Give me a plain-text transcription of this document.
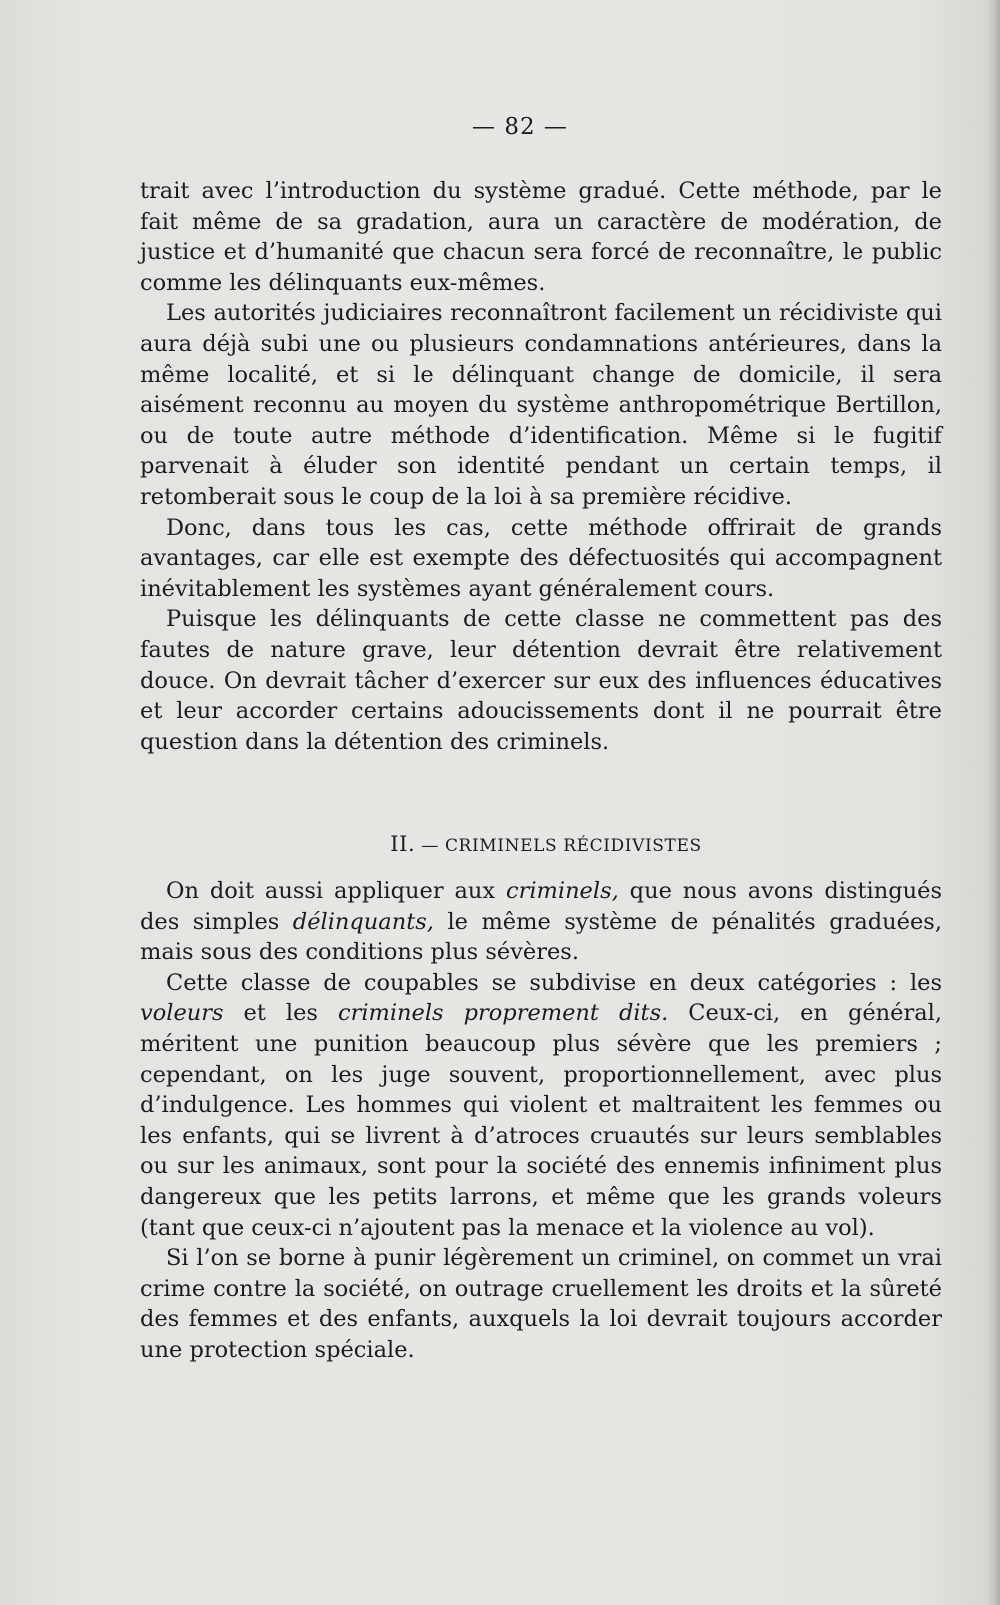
— 82 —

trait avec l’introduction du système gradué. Cette méthode, par le fait même de sa gradation, aura un caractère de modération, de justice et d’humanité que chacun sera forcé de reconnaître, le public comme les délinquants eux-mêmes.

Les autorités judiciaires reconnaîtront facilement un récidiviste qui aura déjà subi une ou plusieurs condamnations antérieures, dans la même localité, et si le délinquant change de domicile, il sera aisément reconnu au moyen du système anthropométrique Bertillon, ou de toute autre méthode d’identification. Même si le fugitif parvenait à éluder son identité pendant un certain temps, il retomberait sous le coup de la loi à sa première récidive.

Donc, dans tous les cas, cette méthode offrirait de grands avantages, car elle est exempte des défectuosités qui accompagnent inévitablement les systèmes ayant généralement cours.

Puisque les délinquants de cette classe ne commettent pas des fautes de nature grave, leur détention devrait être relativement douce. On devrait tâcher d’exercer sur eux des influences éducatives et leur accorder certains adoucissements dont il ne pourrait être question dans la détention des criminels.

II. — CRIMINELS RÉCIDIVISTES

On doit aussi appliquer aux criminels, que nous avons distingués des simples délinquants, le même système de pénalités graduées, mais sous des conditions plus sévères.

Cette classe de coupables se subdivise en deux catégories : les voleurs et les criminels proprement dits. Ceux-ci, en général, méritent une punition beaucoup plus sévère que les premiers ; cependant, on les juge souvent, proportionnellement, avec plus d’indulgence. Les hommes qui violent et maltraitent les femmes ou les enfants, qui se livrent à d’atroces cruautés sur leurs semblables ou sur les animaux, sont pour la société des ennemis infiniment plus dangereux que les petits larrons, et même que les grands voleurs (tant que ceux-ci n’ajoutent pas la menace et la violence au vol).

Si l’on se borne à punir légèrement un criminel, on commet un vrai crime contre la société, on outrage cruellement les droits et la sûreté des femmes et des enfants, auxquels la loi devrait toujours accorder une protection spéciale.
